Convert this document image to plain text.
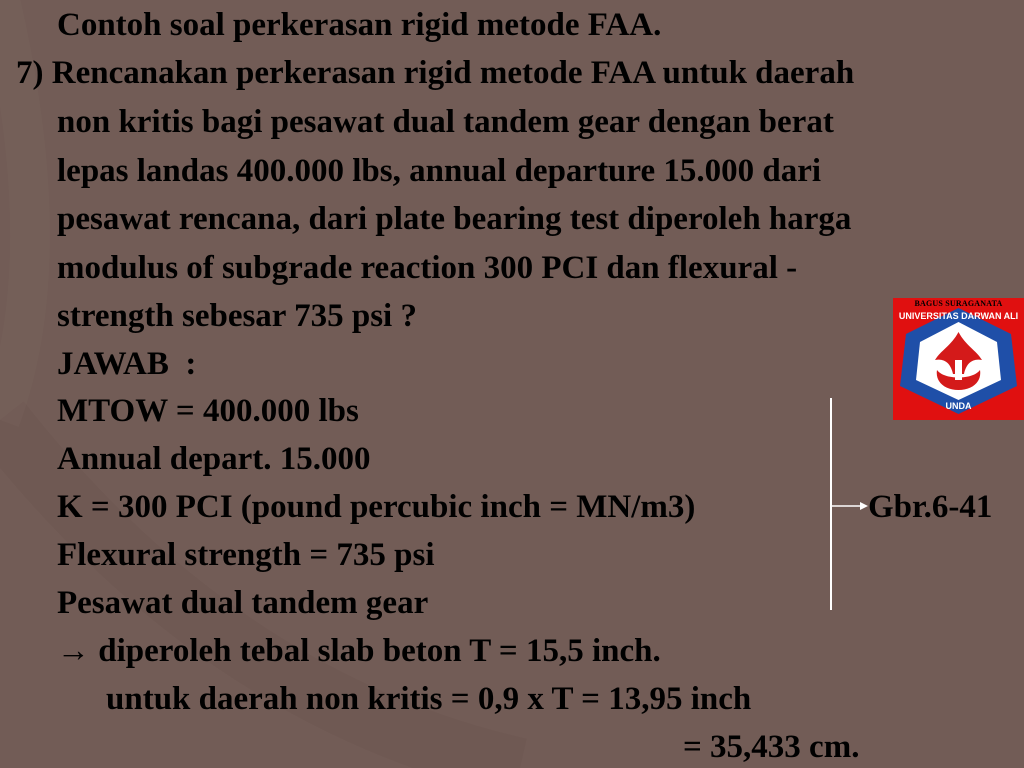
Contoh soal perkerasan rigid metode FAA.
7) Rencanakan perkerasan rigid metode FAA untuk daerah
non kritis bagi pesawat dual tandem gear dengan berat
lepas landas 400.000 lbs, annual departure 15.000 dari
pesawat rencana, dari plate bearing test diperoleh harga
modulus of subgrade reaction 300 PCI dan flexural -
strength sebesar 735 psi ?
JAWAB  :
MTOW = 400.000 lbs
Annual depart. 15.000
K = 300 PCI (pound percubic inch = MN/m3)	Gbr.6-41
Flexural strength = 735 psi
Pesawat dual tandem gear
→ diperoleh tebal slab beton T = 15,5 inch.
untuk daerah non kritis = 0,9 x T = 13,95 inch
= 35,433 cm.
UNIVERSITAS DARWAN ALI
UNDA
BAGUS SURAGANATA
